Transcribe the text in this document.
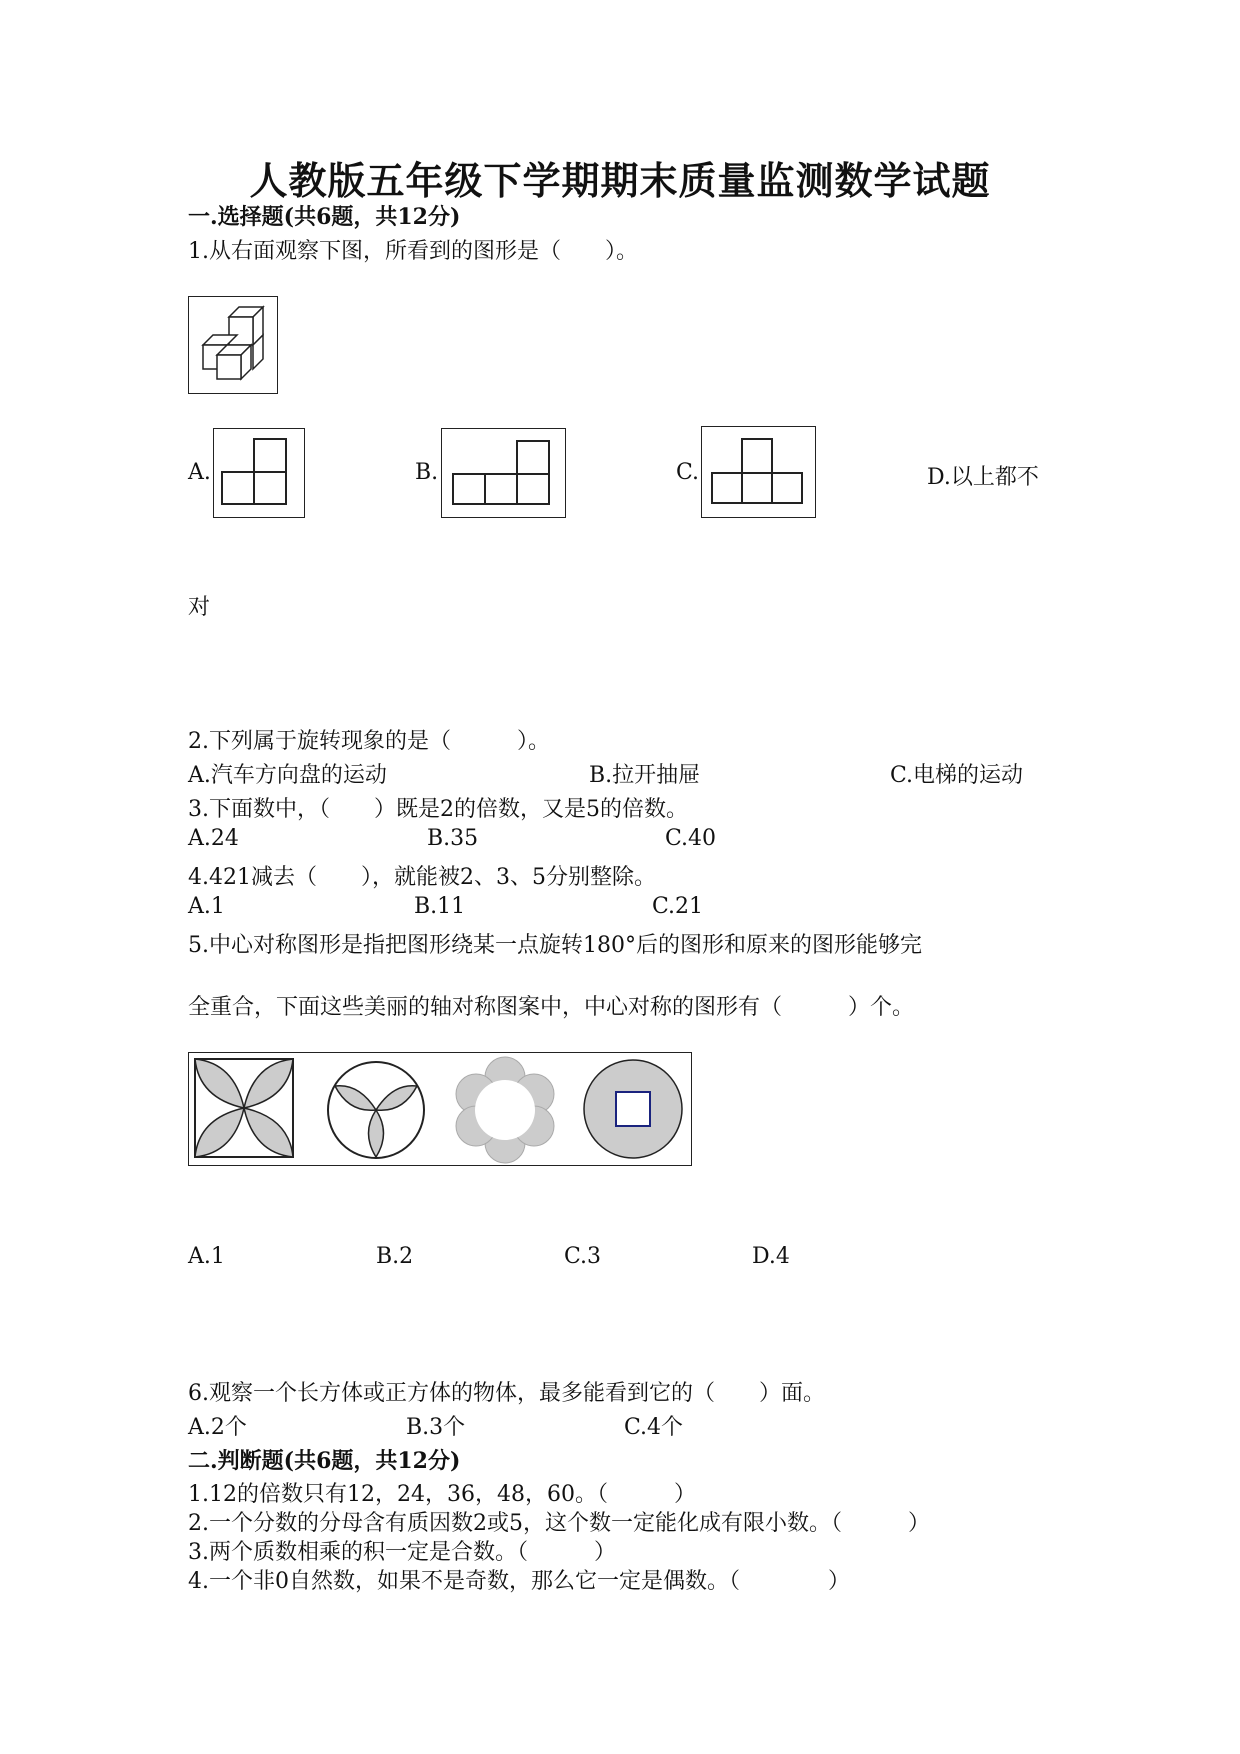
人教版五年级下学期期末质量监测数学试题
一.选择题(共6题，共12分)
1.从右面观察下图，所看到的图形是（　　）。
A.	B.	C.	D.以上都不
对
2.下列属于旋转现象的是（　　　）。
A.汽车方向盘的运动	B.拉开抽屉	C.电梯的运动
3.下面数中，（　　）既是2的倍数，又是5的倍数。
A.24	B.35	C.40
4.421减去（　　），就能被2、3、5分别整除。
A.1	B.11	C.21
5.中心对称图形是指把图形绕某一点旋转180°后的图形和原来的图形能够完
全重合，下面这些美丽的轴对称图案中，中心对称的图形有（　　　）个。
A.1	B.2	C.3	D.4
6.观察一个长方体或正方体的物体，最多能看到它的（　　）面。
A.2个	B.3个	C.4个
二.判断题(共6题，共12分)
1.12的倍数只有12，24，36，48，60。（　　　）
2.一个分数的分母含有质因数2或5，这个数一定能化成有限小数。（　　　）
3.两个质数相乘的积一定是合数。（　　　）
4.一个非0自然数，如果不是奇数，那么它一定是偶数。（　　　　）
